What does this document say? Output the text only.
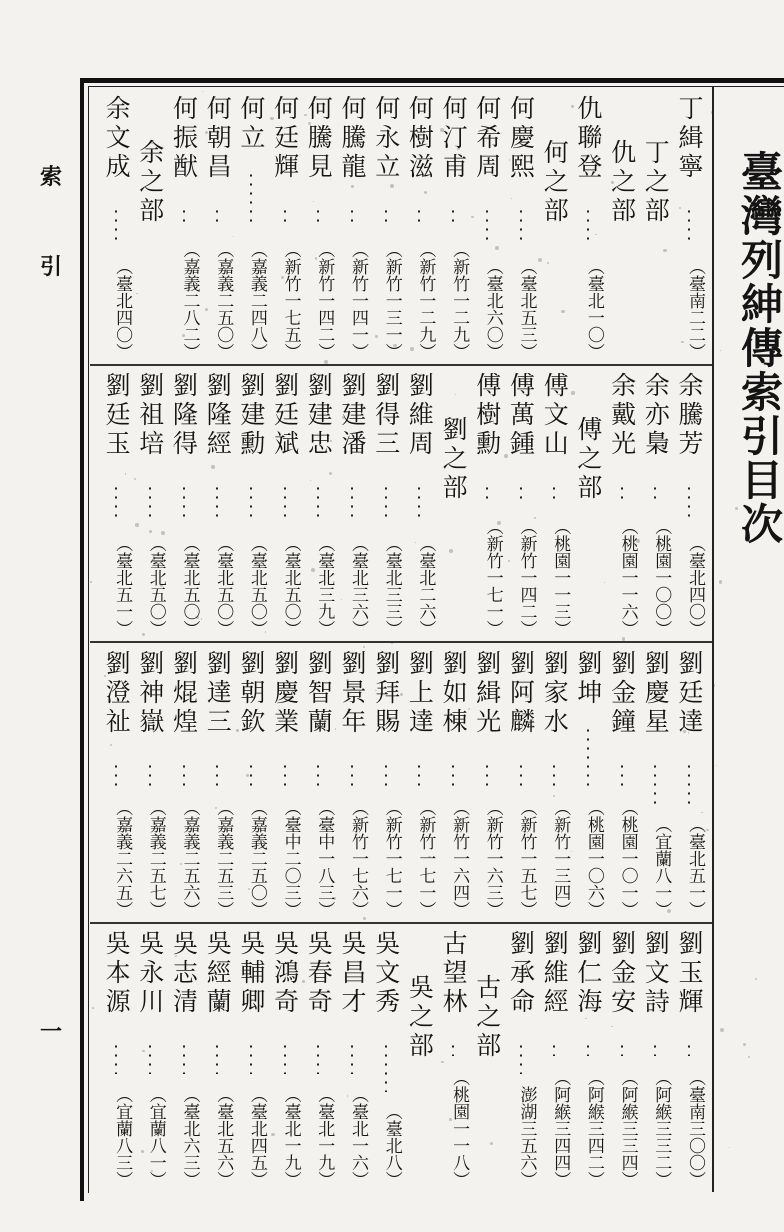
臺灣列紳傳索引目次
索
引
一
丁緝寧
（臺南二二）
丁之部
仇之部
仇聯登
（臺北一〇）
何之部
何慶熙
（臺北五三）
何希周
（臺北六〇）
何汀甫
（新竹一二九）
何樹滋
（新竹一二九）
何永立
（新竹一三一）
何騰龍
（新竹一四一）
何騰見
（新竹一四二）
何廷輝
（新竹一七五）
何立
（嘉義二四八）
何朝昌
（嘉義二五〇）
何振猷
（嘉義二八二）
余之部
余文成
（臺北四〇）
余騰芳
（臺北四〇）
余亦梟
（桃園一〇〇）
余戴光
（桃園一一六）
傅之部
傅文山
（桃園一一三）
傅萬鍾
（新竹一四二）
傅樹勳
（新竹一七一）
劉之部
劉維周
（臺北二六）
劉得三
（臺北三三）
劉建潘
（臺北三六）
劉建忠
（臺北三九）
劉廷斌
（臺北五〇）
劉建勳
（臺北五〇）
劉隆經
（臺北五〇）
劉隆得
（臺北五〇）
劉祖培
（臺北五〇）
劉廷玉
（臺北五一）
劉廷達
（臺北五一）
劉慶星
（宜蘭八一）
劉金鐘
（桃園一〇一）
劉坤
（桃園一〇六）
劉家水
（新竹一三四）
劉阿麟
（新竹一五七）
劉緝光
（新竹一六三）
劉如棟
（新竹一六四）
劉上達
（新竹一七一）
劉拜賜
（新竹一七一）
劉景年
（新竹一七六）
劉智蘭
（臺中一八三）
劉慶業
（臺中二〇三）
劉朝欽
（嘉義二五〇）
劉達三
（嘉義二五三）
劉焜煌
（嘉義二五六）
劉神嶽
（嘉義二五七）
劉澄祉
（嘉義二六五）
劉玉輝
（臺南三〇〇）
劉文詩
（阿緱三三二）
劉金安
（阿緱三三四）
劉仁海
（阿緱三四二）
劉維經
（阿緱三四四）
劉承命
澎湖三五六）
古之部
古望林
（桃園一一八）
吳之部
吳文秀
（臺北八）
吳昌才
（臺北一六）
吳春奇
（臺北一九）
吳鴻奇
（臺北一九）
吳輔卿
（臺北四五）
吳經蘭
（臺北五六）
吳志清
（臺北六三）
吳永川
（宜蘭八一）
吳本源
（宜蘭八三）
